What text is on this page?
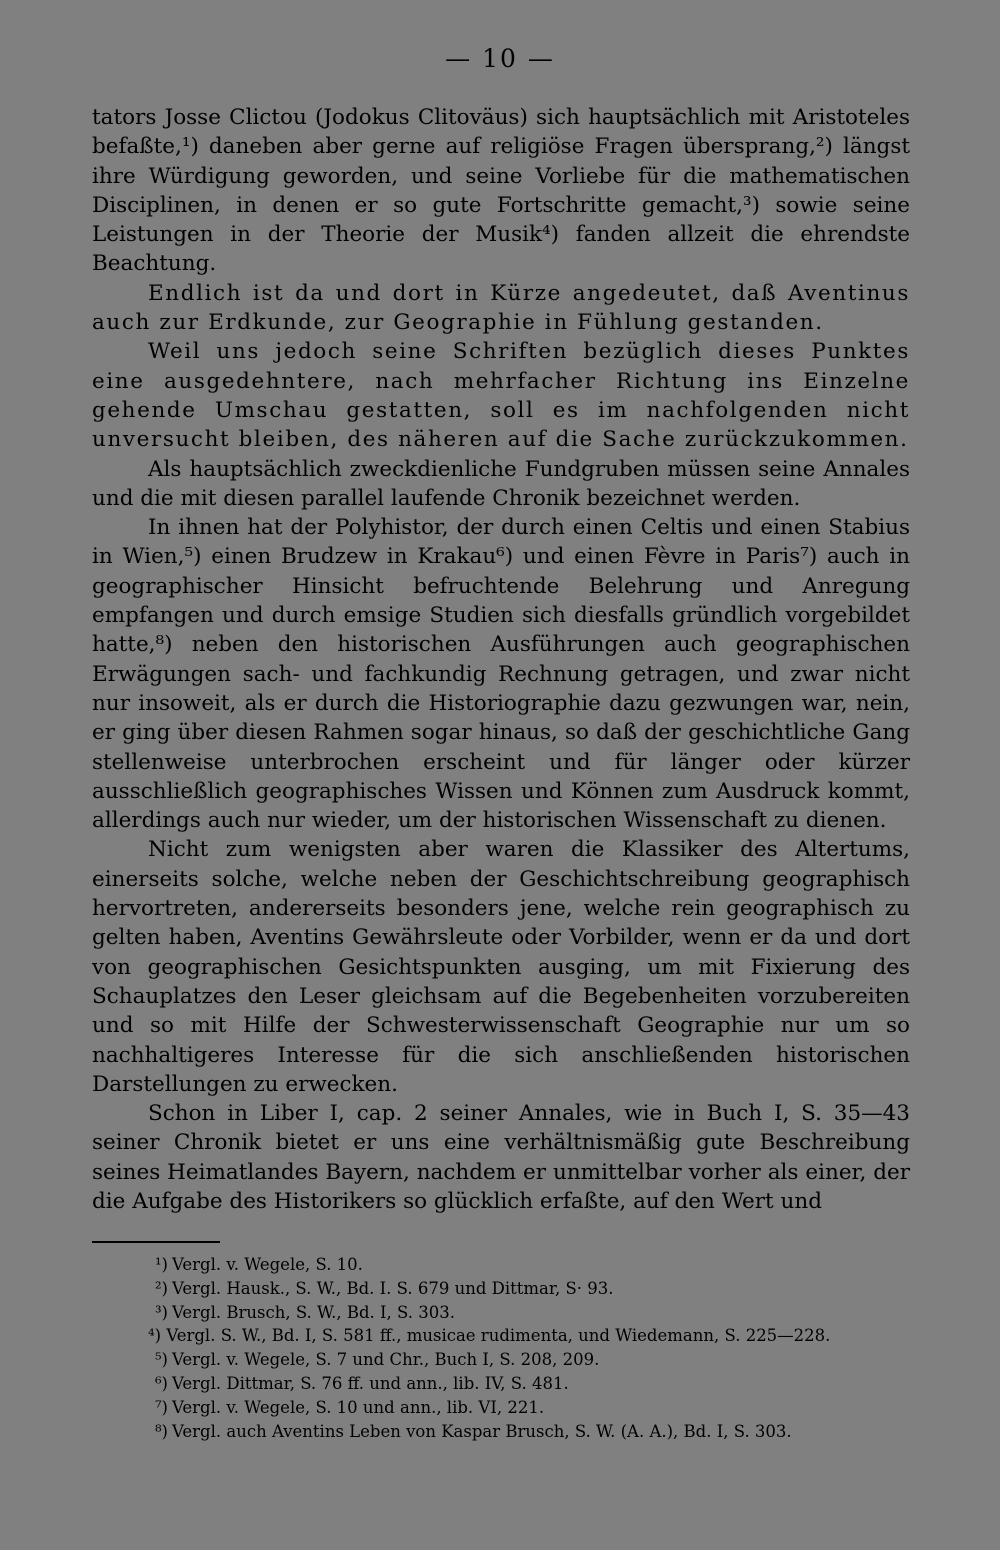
— 10 —

tators Josse Clictou (Jodokus Clitoväus) sich hauptsächlich mit Aristoteles befaßte,¹) daneben aber gerne auf religiöse Fragen übersprang,²) längst ihre Würdigung geworden, und seine Vorliebe für die mathematischen Disciplinen, in denen er so gute Fortschritte gemacht,³) sowie seine Leistungen in der Theorie der Musik⁴) fanden allzeit die ehrendste Beachtung.

Endlich ist da und dort in Kürze angedeutet, daß Aventinus auch zur Erdkunde, zur Geographie in Fühlung gestanden.

Weil uns jedoch seine Schriften bezüglich dieses Punktes eine ausgedehntere, nach mehrfacher Richtung ins Einzelne gehende Umschau gestatten, soll es im nachfolgenden nicht unversucht bleiben, des näheren auf die Sache zurückzukommen.

Als hauptsächlich zweckdienliche Fundgruben müssen seine Annales und die mit diesen parallel laufende Chronik bezeichnet werden.

In ihnen hat der Polyhistor, der durch einen Celtis und einen Stabius in Wien,⁵) einen Brudzew in Krakau⁶) und einen Fèvre in Paris⁷) auch in geographischer Hinsicht befruchtende Belehrung und Anregung empfangen und durch emsige Studien sich diesfalls gründlich vorgebildet hatte,⁸) neben den historischen Ausführungen auch geographischen Erwägungen sach- und fachkundig Rechnung getragen, und zwar nicht nur insoweit, als er durch die Historiographie dazu gezwungen war, nein, er ging über diesen Rahmen sogar hinaus, so daß der geschichtliche Gang stellenweise unterbrochen erscheint und für länger oder kürzer ausschließlich geographisches Wissen und Können zum Ausdruck kommt, allerdings auch nur wieder, um der historischen Wissenschaft zu dienen.

Nicht zum wenigsten aber waren die Klassiker des Altertums, einerseits solche, welche neben der Geschichtschreibung geographisch hervortreten, andererseits besonders jene, welche rein geographisch zu gelten haben, Aventins Gewährsleute oder Vorbilder, wenn er da und dort von geographischen Gesichtspunkten ausging, um mit Fixierung des Schauplatzes den Leser gleichsam auf die Begebenheiten vorzubereiten und so mit Hilfe der Schwesterwissenschaft Geographie nur um so nachhaltigeres Interesse für die sich anschließenden historischen Darstellungen zu erwecken.

Schon in Liber I, cap. 2 seiner Annales, wie in Buch I, S. 35—43 seiner Chronik bietet er uns eine verhältnismäßig gute Beschreibung seines Heimatlandes Bayern, nachdem er unmittelbar vorher als einer, der die Aufgabe des Historikers so glücklich erfaßte, auf den Wert und

¹) Vergl. v. Wegele, S. 10.

²) Vergl. Hausk., S. W., Bd. I. S. 679 und Dittmar, S· 93.

³) Vergl. Brusch, S. W., Bd. I, S. 303.

⁴) Vergl. S. W., Bd. I, S. 581 ff., musicae rudimenta, und Wiedemann, S. 225—228.

⁵) Vergl. v. Wegele, S. 7 und Chr., Buch I, S. 208, 209.

⁶) Vergl. Dittmar, S. 76 ff. und ann., lib. IV, S. 481.

⁷) Vergl. v. Wegele, S. 10 und ann., lib. VI, 221.

⁸) Vergl. auch Aventins Leben von Kaspar Brusch, S. W. (A. A.), Bd. I, S. 303.
